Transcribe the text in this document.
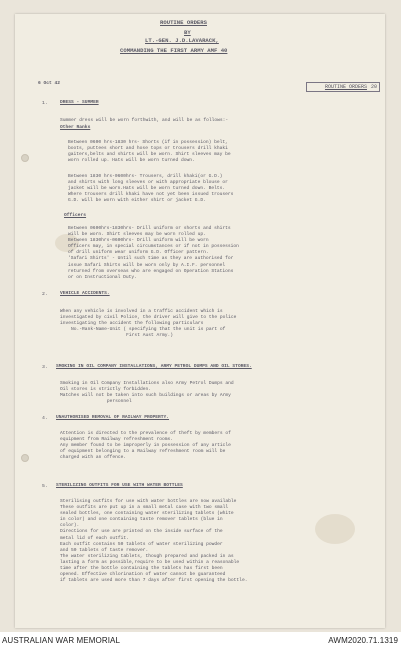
ROUTINE ORDERS
BY
LT.-GEN. J.D.LAVARACK,
COMMANDING THE FIRST ARMY AMF 40
6 Oct 42
ROUTINE ORDERS 20
1.	DRESS - SUMMER
Summer dress will be worn forthwith, and will be as follows:-
Other Ranks
Between 0600 hrs-1830 hrs- Shorts (if in possession) belt,
boots, puttees short and hose tops or trousers drill khaki
gaiters,belts and shirts will be worn. Shirt sleeves may be
worn rolled up. Hats will be worn turned down.
Between 1830 hrs-0600hrs- Trousers, drill khaki(or G.D.)
and shirts with long sleeves or with appropriate blouse or
jacket will be worn.Hats will be worn turned down. Belts.
Where trousers drill khaki have not yet been issued trousers
G.D. will be worn with either shirt or jacket G.D.
Officers
Between 0600hrs-1830hrs- Drill uniform or shorts and shirts
will be worn. Shirt sleeves may be worn rolled up.
Between 1830hrs-0600hrs- Drill uniform will be worn
Officers may, in special circumstances or if not in possession
of drill uniform wear uniform G.D. Officer pattern.
'Safari Shirts' - Until such time as they are authorised for
issue Safari Shirts will be worn only by A.I.F. personnel
returned from overseas who are engaged on Operation Stations
or on Instructional Duty.
2.	VEHICLE ACCIDENTS.
When any vehicle is involved in a traffic accident which is
investigated by civil Police, the driver will give to the police
investigating the accident the following particulars
No.-Rank-Name-Unit ( specifying that the unit is part of
First Aust Army.)
3. SMOKING IN OIL COMPANY INSTALLATIONS, ARMY PETROL DUMPS AND OIL STORES.
Smoking in Oil Company Installations also Army Petrol Dumps and
Oil stores is strictly forbidden.
Matches will not be taken into such buildings or areas by Army
personnel
4. UNAUTHORISED REMOVAL OF RAILWAY PROPERTY.
Attention is directed to the prevalence of theft by members of
equipment from Railway refreshment rooms.
Any member found to be improperly in possession of any article
of equipment belonging to a Railway refreshment room will be
charged with an offence.
5. STERILIZING OUTFITS FOR USE WITH WATER BOTTLES
Sterilising outfits for use with water bottles are now available
These outfits are put up in a small metal case with two small
sealed bottles, one containing water sterilizing tablets (white
in color) and one containing taste remover tablets (blue in
color).
Directions for use are printed on the inside surface of the
metal lid of each outfit.
Each outfit contains 50 tablets of water sterilizing powder
and 50 tablets of taste remover.
The water sterilizing tablets, though prepared and packed in as
lasting a form as possible,require to be used within a reasonable
time after the bottle containing the tablets has first been
opened. Effective chlorination of water cannot be guaranteed
if tablets are used more than 7 days after first opening the bottle.
AUSTRALIAN WAR MEMORIAL	AWM2020.71.1319
